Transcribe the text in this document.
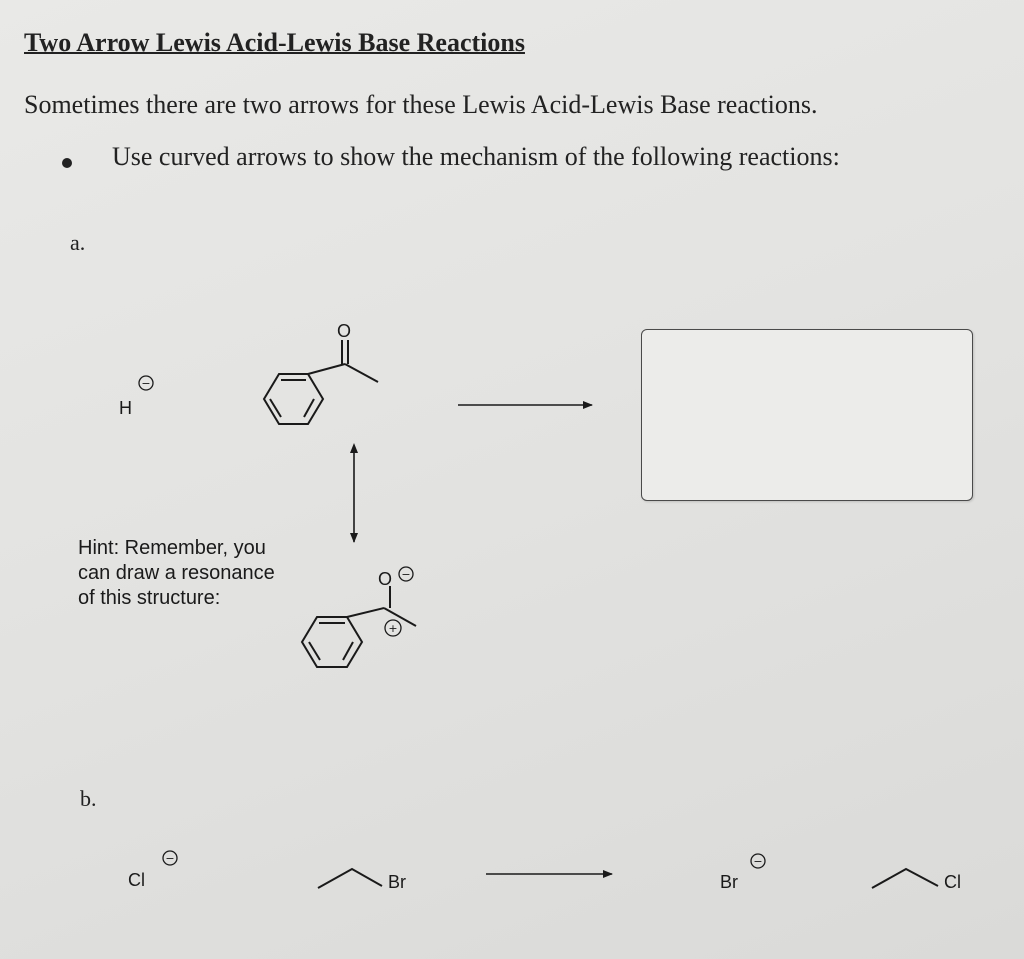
Two Arrow Lewis Acid-Lewis Base Reactions
Sometimes there are two arrows for these Lewis Acid-Lewis Base reactions.
Use curved arrows to show the mechanism of the following reactions:
a.
b.
Hint: Remember, you
can draw a resonance
of this structure:
H
−
O
O −
+
Cl
−
Br	Br
−
Cl
